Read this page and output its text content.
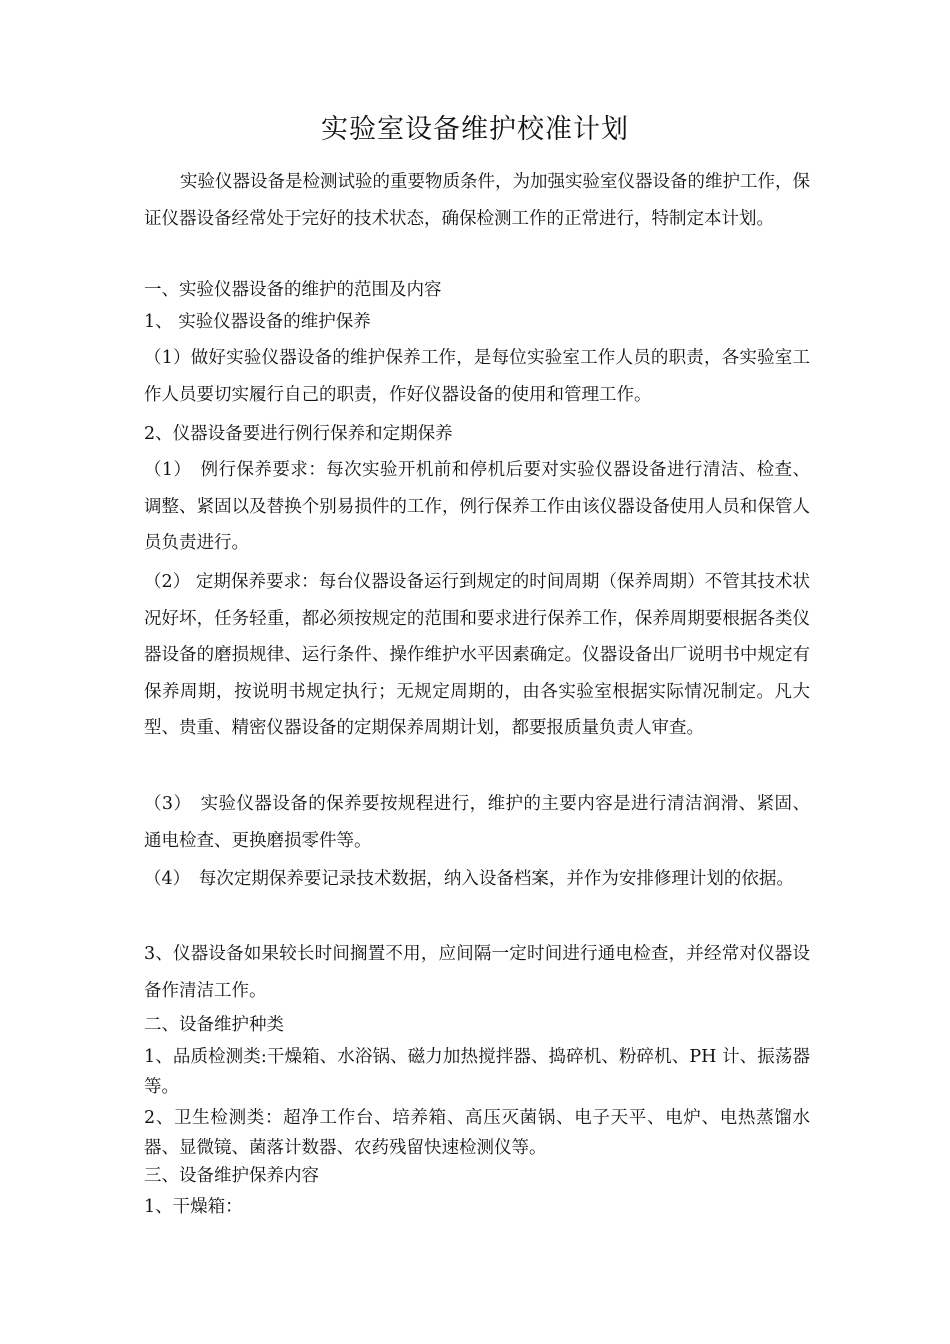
实验室设备维护校准计划

实验仪器设备是检测试验的重要物质条件，为加强实验室仪器设备的维护工作，保证仪器设备经常处于完好的技术状态，确保检测工作的正常进行，特制定本计划。

一、实验仪器设备的维护的范围及内容

1、 实验仪器设备的维护保养

（1）做好实验仪器设备的维护保养工作，是每位实验室工作人员的职责，各实验室工作人员要切实履行自己的职责，作好仪器设备的使用和管理工作。

2、仪器设备要进行例行保养和定期保养

（1）　例行保养要求：每次实验开机前和停机后要对实验仪器设备进行清洁、检查、调整、紧固以及替换个别易损件的工作，例行保养工作由该仪器设备使用人员和保管人员负责进行。

（2） 定期保养要求：每台仪器设备运行到规定的时间周期（保养周期）不管其技术状况好坏，任务轻重，都必须按规定的范围和要求进行保养工作，保养周期要根据各类仪器设备的磨损规律、运行条件、操作维护水平因素确定。仪器设备出厂说明书中规定有保养周期，按说明书规定执行；无规定周期的，由各实验室根据实际情况制定。凡大型、贵重、精密仪器设备的定期保养周期计划，都要报质量负责人审查。

（3）　实验仪器设备的保养要按规程进行，维护的主要内容是进行清洁润滑、紧固、通电检查、更换磨损零件等。

（4）　每次定期保养要记录技术数据，纳入设备档案，并作为安排修理计划的依据。

3、仪器设备如果较长时间搁置不用，应间隔一定时间进行通电检查，并经常对仪器设备作清洁工作。

二、设备维护种类

1、品质检测类:干燥箱、水浴锅、磁力加热搅拌器、捣碎机、粉碎机、PH 计、振荡器等。

2、卫生检测类：超净工作台、培养箱、高压灭菌锅、电子天平、电炉、电热蒸馏水器、显微镜、菌落计数器、农药残留快速检测仪等。

三、设备维护保养内容

1、干燥箱：
